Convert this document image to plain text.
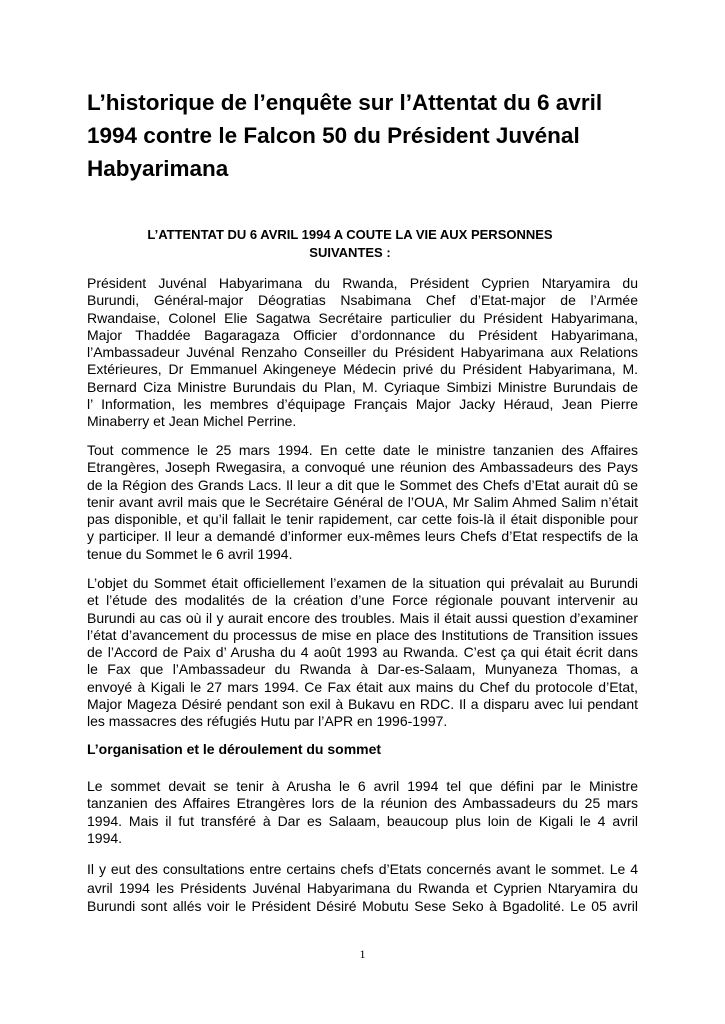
L’historique de l’enquête sur l’Attentat du 6 avril 1994 contre le Falcon 50 du Président Juvénal Habyarimana
L’ATTENTAT DU 6 AVRIL 1994 A COUTE LA VIE AUX PERSONNES
SUIVANTES :
Président Juvénal Habyarimana du Rwanda, Président Cyprien Ntaryamira du
Burundi, Général-major Déogratias Nsabimana Chef d’Etat-major de l’Armée
Rwandaise, Colonel Elie Sagatwa Secrétaire particulier du Président Habyarimana,
Major Thaddée Bagaragaza Officier d’ordonnance du Président Habyarimana,
l’Ambassadeur Juvénal Renzaho Conseiller du Président Habyarimana aux Relations
Extérieures, Dr Emmanuel Akingeneye Médecin privé du Président Habyarimana, M.
Bernard Ciza Ministre Burundais du Plan, M. Cyriaque Simbizi Ministre Burundais de
l’ Information, les membres d’équipage Français Major Jacky Héraud, Jean Pierre
Minaberry et Jean Michel Perrine.
Tout commence le 25 mars 1994. En cette date le ministre tanzanien des Affaires
Etrangères, Joseph Rwegasira, a convoqué une réunion des Ambassadeurs des Pays
de la Région des Grands Lacs. Il leur a dit que le Sommet des Chefs d’Etat aurait dû se
tenir avant avril mais que le Secrétaire Général de l’OUA, Mr Salim Ahmed Salim n’était
pas disponible, et qu’il fallait le tenir rapidement, car cette fois-là il était disponible pour
y participer. Il leur a demandé d’informer eux-mêmes leurs Chefs d’Etat respectifs de la
tenue du Sommet le 6 avril 1994.
L’objet du Sommet était officiellement l’examen de la situation qui prévalait au Burundi
et l’étude des modalités de la création d’une Force régionale pouvant intervenir au
Burundi au cas où il y aurait encore des troubles. Mais il était aussi question d’examiner
l’état d’avancement du processus de mise en place des Institutions de Transition issues
de l’Accord de Paix d’ Arusha du 4 août 1993 au Rwanda. C’est ça qui était écrit dans
le Fax que l’Ambassadeur du Rwanda à Dar-es-Salaam, Munyaneza Thomas, a
envoyé à Kigali le 27 mars 1994. Ce Fax était aux mains du Chef du protocole d’Etat,
Major Mageza Désiré pendant son exil à Bukavu en RDC. Il a disparu avec lui pendant
les massacres des réfugiés Hutu par l’APR en 1996-1997.
L’organisation et le déroulement du sommet
Le sommet devait se tenir à Arusha le 6 avril 1994 tel que défini par le Ministre
tanzanien des Affaires Etrangères lors de la réunion des Ambassadeurs du 25 mars
1994. Mais il fut transféré à Dar es Salaam, beaucoup plus loin de Kigali le 4 avril
1994.
Il y eut des consultations entre certains chefs d’Etats concernés avant le sommet. Le 4
avril 1994 les Présidents Juvénal Habyarimana du Rwanda et Cyprien Ntaryamira du
Burundi sont allés voir le Président Désiré Mobutu Sese Seko à Bgadolité. Le 05 avril
1
